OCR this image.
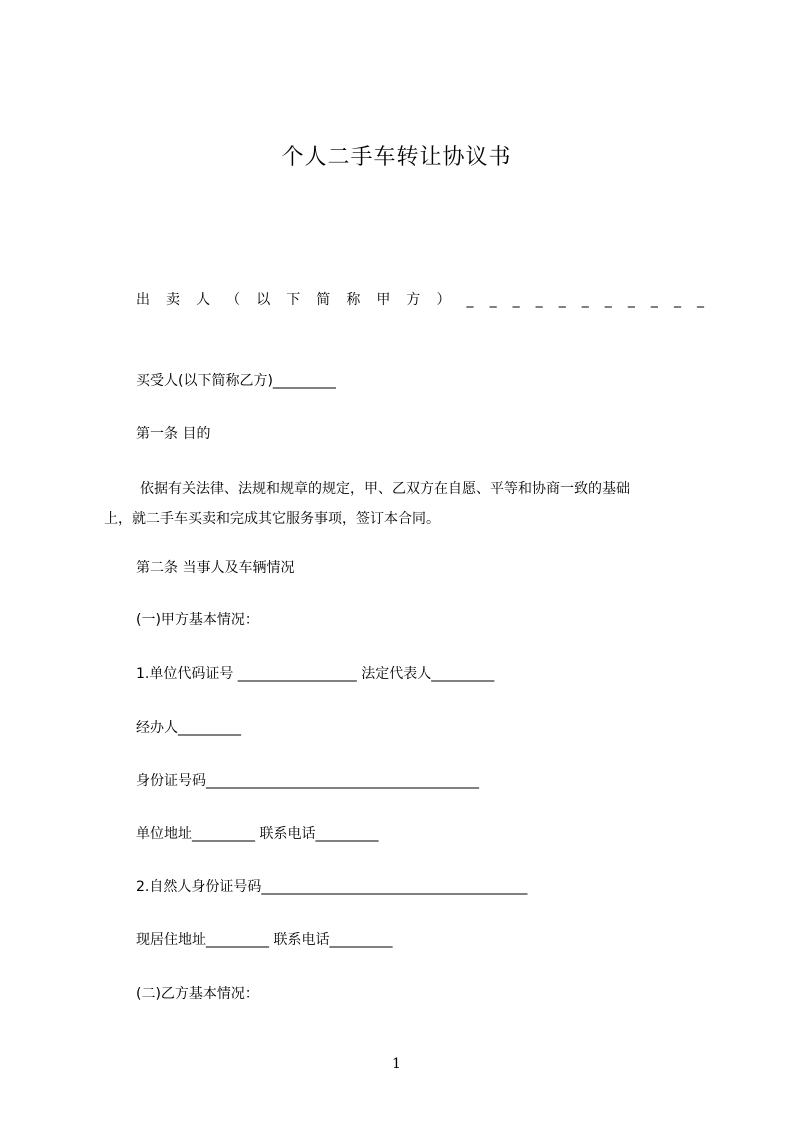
个人二手车转让协议书
出 卖 人 （ 以 下 简 称 甲 方 ） _ _ _ _ _ _ _ _ _ _ _
买受人(以下简称乙方)_________
第一条 目的
依据有关法律、法规和规章的规定，甲、乙双方在自愿、平等和协商一致的基础
上，就二手车买卖和完成其它服务事项，签订本合同。
第二条 当事人及车辆情况
(一)甲方基本情况：
1.单位代码证号 _________________ 法定代表人_________
经办人_________
身份证号码_______________________________________
单位地址_________ 联系电话_________
2.自然人身份证号码______________________________________
现居住地址_________ 联系电话_________
(二)乙方基本情况：
1
